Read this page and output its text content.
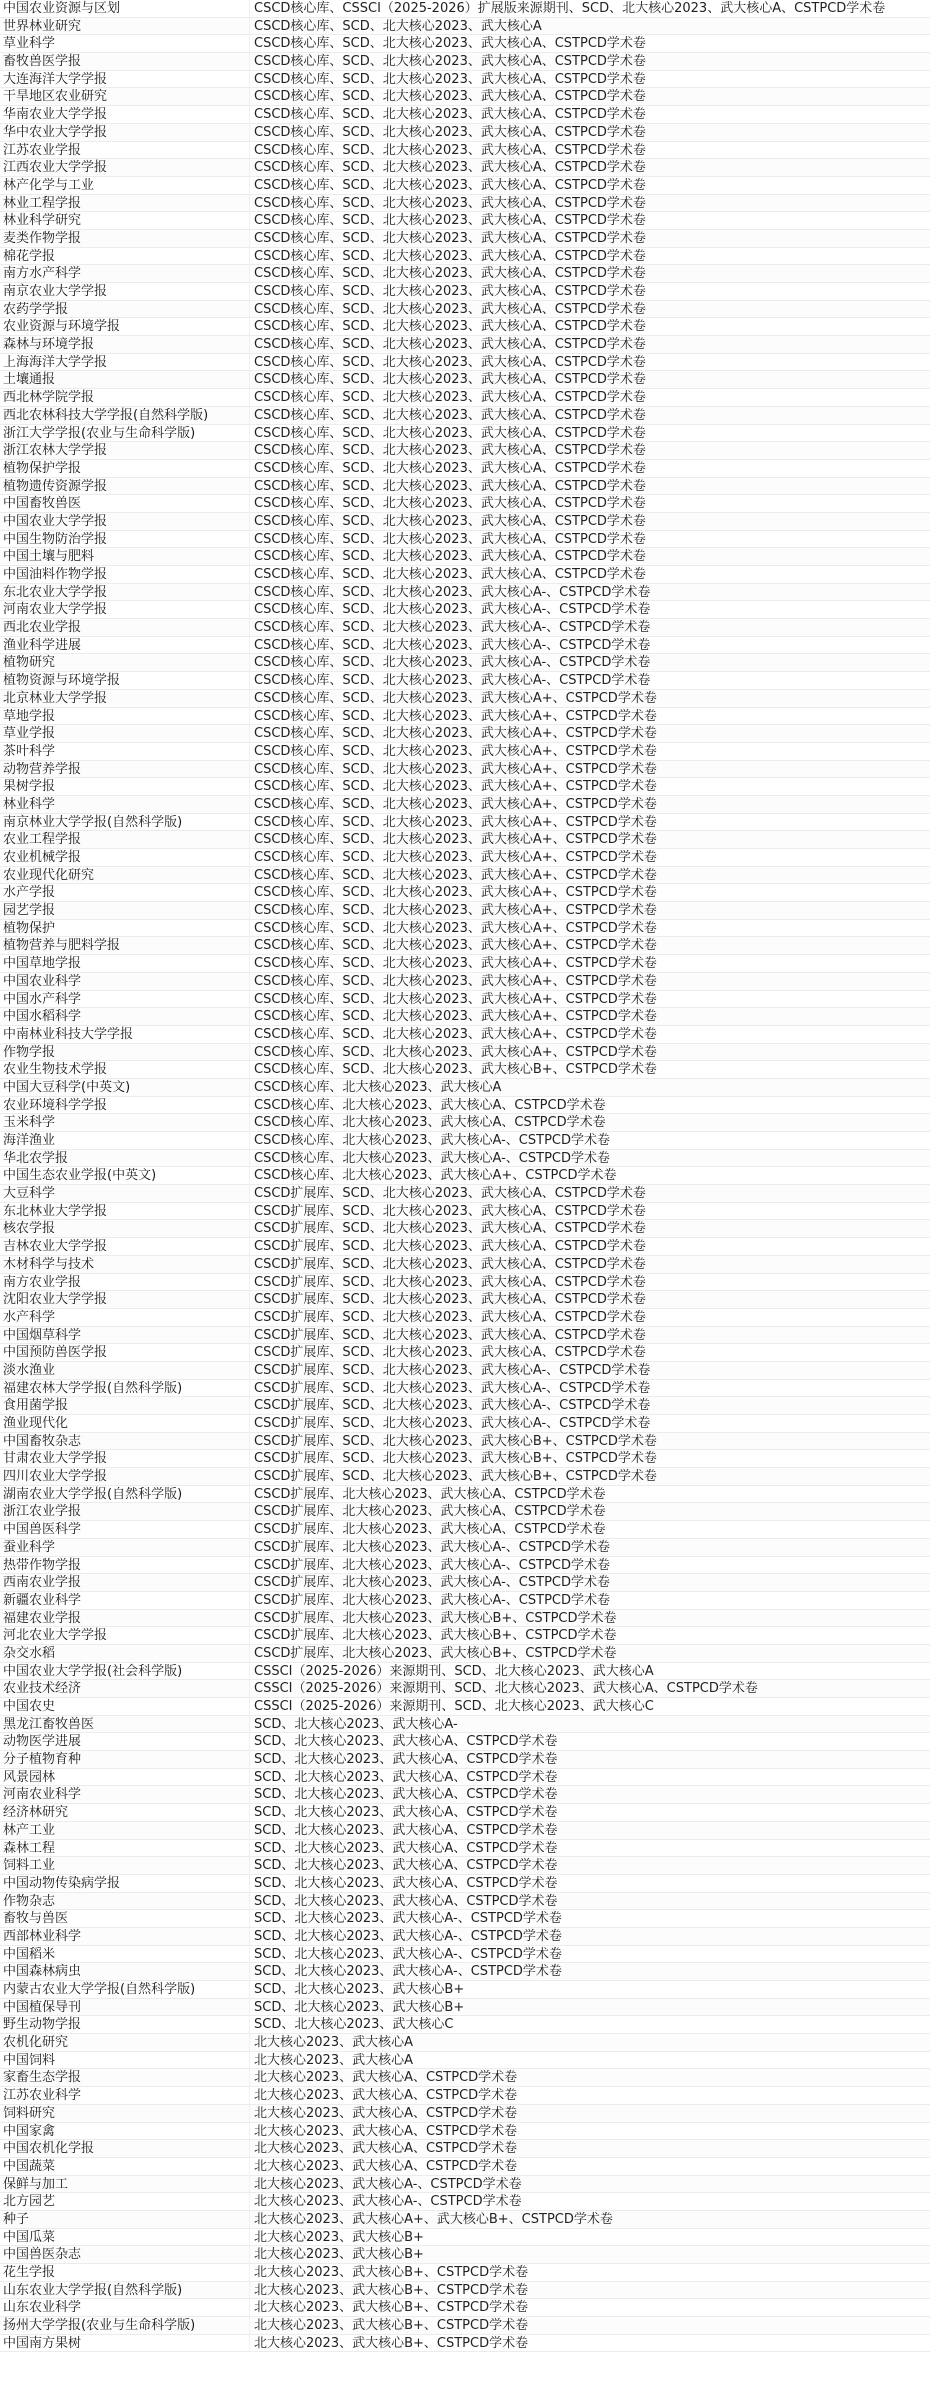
中国农业资源与区划	CSCD核心库、CSSCI（2025-2026）扩展版来源期刊、SCD、北大核心2023、武大核心A、CSTPCD学术卷
世界林业研究	CSCD核心库、SCD、北大核心2023、武大核心A
草业科学	CSCD核心库、SCD、北大核心2023、武大核心A、CSTPCD学术卷
畜牧兽医学报	CSCD核心库、SCD、北大核心2023、武大核心A、CSTPCD学术卷
大连海洋大学学报	CSCD核心库、SCD、北大核心2023、武大核心A、CSTPCD学术卷
干旱地区农业研究	CSCD核心库、SCD、北大核心2023、武大核心A、CSTPCD学术卷
华南农业大学学报	CSCD核心库、SCD、北大核心2023、武大核心A、CSTPCD学术卷
华中农业大学学报	CSCD核心库、SCD、北大核心2023、武大核心A、CSTPCD学术卷
江苏农业学报	CSCD核心库、SCD、北大核心2023、武大核心A、CSTPCD学术卷
江西农业大学学报	CSCD核心库、SCD、北大核心2023、武大核心A、CSTPCD学术卷
林产化学与工业	CSCD核心库、SCD、北大核心2023、武大核心A、CSTPCD学术卷
林业工程学报	CSCD核心库、SCD、北大核心2023、武大核心A、CSTPCD学术卷
林业科学研究	CSCD核心库、SCD、北大核心2023、武大核心A、CSTPCD学术卷
麦类作物学报	CSCD核心库、SCD、北大核心2023、武大核心A、CSTPCD学术卷
棉花学报	CSCD核心库、SCD、北大核心2023、武大核心A、CSTPCD学术卷
南方水产科学	CSCD核心库、SCD、北大核心2023、武大核心A、CSTPCD学术卷
南京农业大学学报	CSCD核心库、SCD、北大核心2023、武大核心A、CSTPCD学术卷
农药学学报	CSCD核心库、SCD、北大核心2023、武大核心A、CSTPCD学术卷
农业资源与环境学报	CSCD核心库、SCD、北大核心2023、武大核心A、CSTPCD学术卷
森林与环境学报	CSCD核心库、SCD、北大核心2023、武大核心A、CSTPCD学术卷
上海海洋大学学报	CSCD核心库、SCD、北大核心2023、武大核心A、CSTPCD学术卷
土壤通报	CSCD核心库、SCD、北大核心2023、武大核心A、CSTPCD学术卷
西北林学院学报	CSCD核心库、SCD、北大核心2023、武大核心A、CSTPCD学术卷
西北农林科技大学学报(自然科学版)	CSCD核心库、SCD、北大核心2023、武大核心A、CSTPCD学术卷
浙江大学学报(农业与生命科学版)	CSCD核心库、SCD、北大核心2023、武大核心A、CSTPCD学术卷
浙江农林大学学报	CSCD核心库、SCD、北大核心2023、武大核心A、CSTPCD学术卷
植物保护学报	CSCD核心库、SCD、北大核心2023、武大核心A、CSTPCD学术卷
植物遗传资源学报	CSCD核心库、SCD、北大核心2023、武大核心A、CSTPCD学术卷
中国畜牧兽医	CSCD核心库、SCD、北大核心2023、武大核心A、CSTPCD学术卷
中国农业大学学报	CSCD核心库、SCD、北大核心2023、武大核心A、CSTPCD学术卷
中国生物防治学报	CSCD核心库、SCD、北大核心2023、武大核心A、CSTPCD学术卷
中国土壤与肥料	CSCD核心库、SCD、北大核心2023、武大核心A、CSTPCD学术卷
中国油料作物学报	CSCD核心库、SCD、北大核心2023、武大核心A、CSTPCD学术卷
东北农业大学学报	CSCD核心库、SCD、北大核心2023、武大核心A-、CSTPCD学术卷
河南农业大学学报	CSCD核心库、SCD、北大核心2023、武大核心A-、CSTPCD学术卷
西北农业学报	CSCD核心库、SCD、北大核心2023、武大核心A-、CSTPCD学术卷
渔业科学进展	CSCD核心库、SCD、北大核心2023、武大核心A-、CSTPCD学术卷
植物研究	CSCD核心库、SCD、北大核心2023、武大核心A-、CSTPCD学术卷
植物资源与环境学报	CSCD核心库、SCD、北大核心2023、武大核心A-、CSTPCD学术卷
北京林业大学学报	CSCD核心库、SCD、北大核心2023、武大核心A+、CSTPCD学术卷
草地学报	CSCD核心库、SCD、北大核心2023、武大核心A+、CSTPCD学术卷
草业学报	CSCD核心库、SCD、北大核心2023、武大核心A+、CSTPCD学术卷
茶叶科学	CSCD核心库、SCD、北大核心2023、武大核心A+、CSTPCD学术卷
动物营养学报	CSCD核心库、SCD、北大核心2023、武大核心A+、CSTPCD学术卷
果树学报	CSCD核心库、SCD、北大核心2023、武大核心A+、CSTPCD学术卷
林业科学	CSCD核心库、SCD、北大核心2023、武大核心A+、CSTPCD学术卷
南京林业大学学报(自然科学版)	CSCD核心库、SCD、北大核心2023、武大核心A+、CSTPCD学术卷
农业工程学报	CSCD核心库、SCD、北大核心2023、武大核心A+、CSTPCD学术卷
农业机械学报	CSCD核心库、SCD、北大核心2023、武大核心A+、CSTPCD学术卷
农业现代化研究	CSCD核心库、SCD、北大核心2023、武大核心A+、CSTPCD学术卷
水产学报	CSCD核心库、SCD、北大核心2023、武大核心A+、CSTPCD学术卷
园艺学报	CSCD核心库、SCD、北大核心2023、武大核心A+、CSTPCD学术卷
植物保护	CSCD核心库、SCD、北大核心2023、武大核心A+、CSTPCD学术卷
植物营养与肥料学报	CSCD核心库、SCD、北大核心2023、武大核心A+、CSTPCD学术卷
中国草地学报	CSCD核心库、SCD、北大核心2023、武大核心A+、CSTPCD学术卷
中国农业科学	CSCD核心库、SCD、北大核心2023、武大核心A+、CSTPCD学术卷
中国水产科学	CSCD核心库、SCD、北大核心2023、武大核心A+、CSTPCD学术卷
中国水稻科学	CSCD核心库、SCD、北大核心2023、武大核心A+、CSTPCD学术卷
中南林业科技大学学报	CSCD核心库、SCD、北大核心2023、武大核心A+、CSTPCD学术卷
作物学报	CSCD核心库、SCD、北大核心2023、武大核心A+、CSTPCD学术卷
农业生物技术学报	CSCD核心库、SCD、北大核心2023、武大核心B+、CSTPCD学术卷
中国大豆科学(中英文)	CSCD核心库、北大核心2023、武大核心A
农业环境科学学报	CSCD核心库、北大核心2023、武大核心A、CSTPCD学术卷
玉米科学	CSCD核心库、北大核心2023、武大核心A、CSTPCD学术卷
海洋渔业	CSCD核心库、北大核心2023、武大核心A-、CSTPCD学术卷
华北农学报	CSCD核心库、北大核心2023、武大核心A-、CSTPCD学术卷
中国生态农业学报(中英文)	CSCD核心库、北大核心2023、武大核心A+、CSTPCD学术卷
大豆科学	CSCD扩展库、SCD、北大核心2023、武大核心A、CSTPCD学术卷
东北林业大学学报	CSCD扩展库、SCD、北大核心2023、武大核心A、CSTPCD学术卷
核农学报	CSCD扩展库、SCD、北大核心2023、武大核心A、CSTPCD学术卷
吉林农业大学学报	CSCD扩展库、SCD、北大核心2023、武大核心A、CSTPCD学术卷
木材科学与技术	CSCD扩展库、SCD、北大核心2023、武大核心A、CSTPCD学术卷
南方农业学报	CSCD扩展库、SCD、北大核心2023、武大核心A、CSTPCD学术卷
沈阳农业大学学报	CSCD扩展库、SCD、北大核心2023、武大核心A、CSTPCD学术卷
水产科学	CSCD扩展库、SCD、北大核心2023、武大核心A、CSTPCD学术卷
中国烟草科学	CSCD扩展库、SCD、北大核心2023、武大核心A、CSTPCD学术卷
中国预防兽医学报	CSCD扩展库、SCD、北大核心2023、武大核心A、CSTPCD学术卷
淡水渔业	CSCD扩展库、SCD、北大核心2023、武大核心A-、CSTPCD学术卷
福建农林大学学报(自然科学版)	CSCD扩展库、SCD、北大核心2023、武大核心A-、CSTPCD学术卷
食用菌学报	CSCD扩展库、SCD、北大核心2023、武大核心A-、CSTPCD学术卷
渔业现代化	CSCD扩展库、SCD、北大核心2023、武大核心A-、CSTPCD学术卷
中国畜牧杂志	CSCD扩展库、SCD、北大核心2023、武大核心B+、CSTPCD学术卷
甘肃农业大学学报	CSCD扩展库、SCD、北大核心2023、武大核心B+、CSTPCD学术卷
四川农业大学学报	CSCD扩展库、SCD、北大核心2023、武大核心B+、CSTPCD学术卷
湖南农业大学学报(自然科学版)	CSCD扩展库、北大核心2023、武大核心A、CSTPCD学术卷
浙江农业学报	CSCD扩展库、北大核心2023、武大核心A、CSTPCD学术卷
中国兽医科学	CSCD扩展库、北大核心2023、武大核心A、CSTPCD学术卷
蚕业科学	CSCD扩展库、北大核心2023、武大核心A-、CSTPCD学术卷
热带作物学报	CSCD扩展库、北大核心2023、武大核心A-、CSTPCD学术卷
西南农业学报	CSCD扩展库、北大核心2023、武大核心A-、CSTPCD学术卷
新疆农业科学	CSCD扩展库、北大核心2023、武大核心A-、CSTPCD学术卷
福建农业学报	CSCD扩展库、北大核心2023、武大核心B+、CSTPCD学术卷
河北农业大学学报	CSCD扩展库、北大核心2023、武大核心B+、CSTPCD学术卷
杂交水稻	CSCD扩展库、北大核心2023、武大核心B+、CSTPCD学术卷
中国农业大学学报(社会科学版)	CSSCI（2025-2026）来源期刊、SCD、北大核心2023、武大核心A
农业技术经济	CSSCI（2025-2026）来源期刊、SCD、北大核心2023、武大核心A、CSTPCD学术卷
中国农史	CSSCI（2025-2026）来源期刊、SCD、北大核心2023、武大核心C
黑龙江畜牧兽医	SCD、北大核心2023、武大核心A-
动物医学进展	SCD、北大核心2023、武大核心A、CSTPCD学术卷
分子植物育种	SCD、北大核心2023、武大核心A、CSTPCD学术卷
风景园林	SCD、北大核心2023、武大核心A、CSTPCD学术卷
河南农业科学	SCD、北大核心2023、武大核心A、CSTPCD学术卷
经济林研究	SCD、北大核心2023、武大核心A、CSTPCD学术卷
林产工业	SCD、北大核心2023、武大核心A、CSTPCD学术卷
森林工程	SCD、北大核心2023、武大核心A、CSTPCD学术卷
饲料工业	SCD、北大核心2023、武大核心A、CSTPCD学术卷
中国动物传染病学报	SCD、北大核心2023、武大核心A、CSTPCD学术卷
作物杂志	SCD、北大核心2023、武大核心A、CSTPCD学术卷
畜牧与兽医	SCD、北大核心2023、武大核心A-、CSTPCD学术卷
西部林业科学	SCD、北大核心2023、武大核心A-、CSTPCD学术卷
中国稻米	SCD、北大核心2023、武大核心A-、CSTPCD学术卷
中国森林病虫	SCD、北大核心2023、武大核心A-、CSTPCD学术卷
内蒙古农业大学学报(自然科学版)	SCD、北大核心2023、武大核心B+
中国植保导刊	SCD、北大核心2023、武大核心B+
野生动物学报	SCD、北大核心2023、武大核心C
农机化研究	北大核心2023、武大核心A
中国饲料	北大核心2023、武大核心A
家畜生态学报	北大核心2023、武大核心A、CSTPCD学术卷
江苏农业科学	北大核心2023、武大核心A、CSTPCD学术卷
饲料研究	北大核心2023、武大核心A、CSTPCD学术卷
中国家禽	北大核心2023、武大核心A、CSTPCD学术卷
中国农机化学报	北大核心2023、武大核心A、CSTPCD学术卷
中国蔬菜	北大核心2023、武大核心A、CSTPCD学术卷
保鲜与加工	北大核心2023、武大核心A-、CSTPCD学术卷
北方园艺	北大核心2023、武大核心A-、CSTPCD学术卷
种子	北大核心2023、武大核心A+、武大核心B+、CSTPCD学术卷
中国瓜菜	北大核心2023、武大核心B+
中国兽医杂志	北大核心2023、武大核心B+
花生学报	北大核心2023、武大核心B+、CSTPCD学术卷
山东农业大学学报(自然科学版)	北大核心2023、武大核心B+、CSTPCD学术卷
山东农业科学	北大核心2023、武大核心B+、CSTPCD学术卷
扬州大学学报(农业与生命科学版)	北大核心2023、武大核心B+、CSTPCD学术卷
中国南方果树	北大核心2023、武大核心B+、CSTPCD学术卷
